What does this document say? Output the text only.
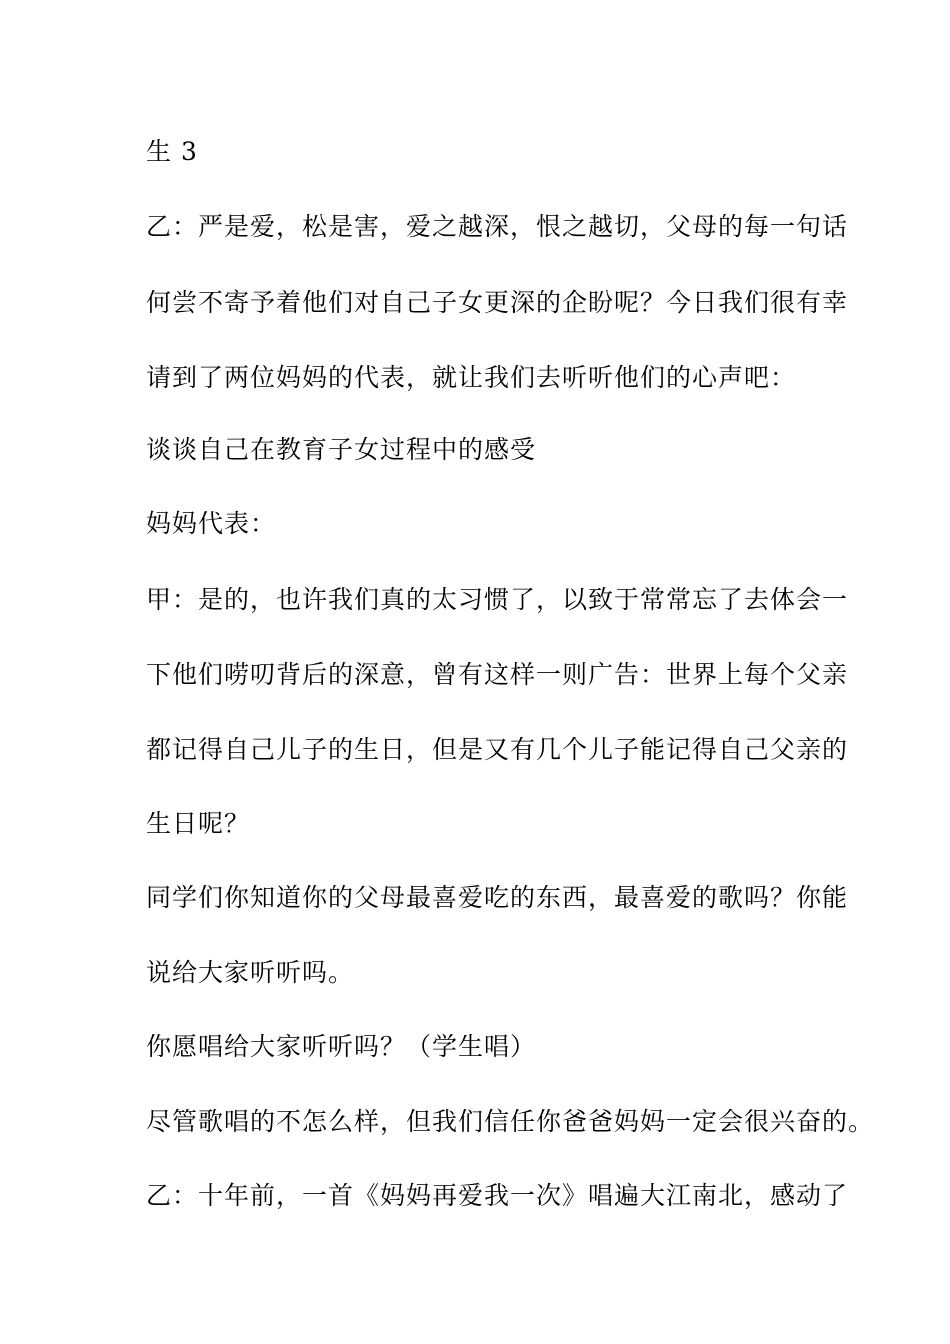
生 3
乙：严是爱，松是害，爱之越深，恨之越切，父母的每一句话
何尝不寄予着他们对自己子女更深的企盼呢？今日我们很有幸
请到了两位妈妈的代表，就让我们去听听他们的心声吧：
谈谈自己在教育子女过程中的感受
妈妈代表：
甲：是的，也许我们真的太习惯了，以致于常常忘了去体会一
下他们唠叨背后的深意，曾有这样一则广告：世界上每个父亲
都记得自己儿子的生日，但是又有几个儿子能记得自己父亲的
生日呢？
同学们你知道你的父母最喜爱吃的东西，最喜爱的歌吗？你能
说给大家听听吗。
你愿唱给大家听听吗？（学生唱）
尽管歌唱的不怎么样，但我们信任你爸爸妈妈一定会很兴奋的。
乙：十年前，一首《妈妈再爱我一次》唱遍大江南北，感动了
